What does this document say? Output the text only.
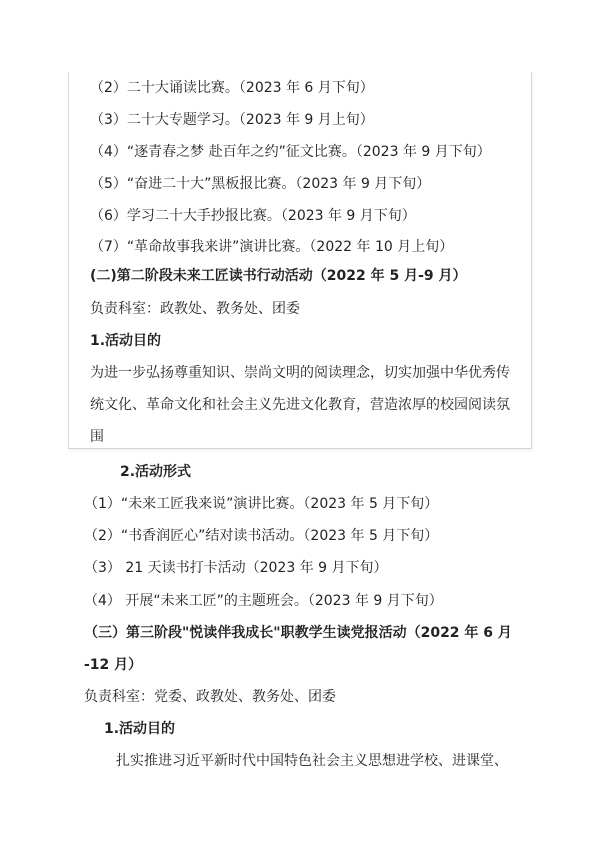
（2）二十大诵读比赛。（2023 年 6 月下旬）
（3）二十大专题学习。（2023 年 9 月上旬）
（4）“逐青春之梦 赴百年之约”征文比赛。（2023 年 9 月下旬）
（5）“奋进二十大”黑板报比赛。（2023 年 9 月下旬）
（6）学习二十大手抄报比赛。（2023 年 9 月下旬）
（7）“革命故事我来讲”演讲比赛。（2022 年 10 月上旬）
(二)第二阶段未来工匠读书行动活动（2022 年 5 月-9 月）
负责科室：政教处、教务处、团委
1.活动目的
为进一步弘扬尊重知识、崇尚文明的阅读理念，切实加强中华优秀传
统文化、革命文化和社会主义先进文化教育，营造浓厚的校园阅读氛
围
2.活动形式
（1）“未来工匠我来说”演讲比赛。（2023 年 5 月下旬）
（2）“书香润匠心”结对读书活动。（2023 年 5 月下旬）
（3） 21 天读书打卡活动（2023 年 9 月下旬）
（4） 开展“未来工匠”的主题班会。（2023 年 9 月下旬）
（三）第三阶段"悦读伴我成长"职教学生读党报活动（2022 年 6 月
-12 月）
负责科室：党委、政教处、教务处、团委
1.活动目的
扎实推进习近平新时代中国特色社会主义思想进学校、进课堂、
